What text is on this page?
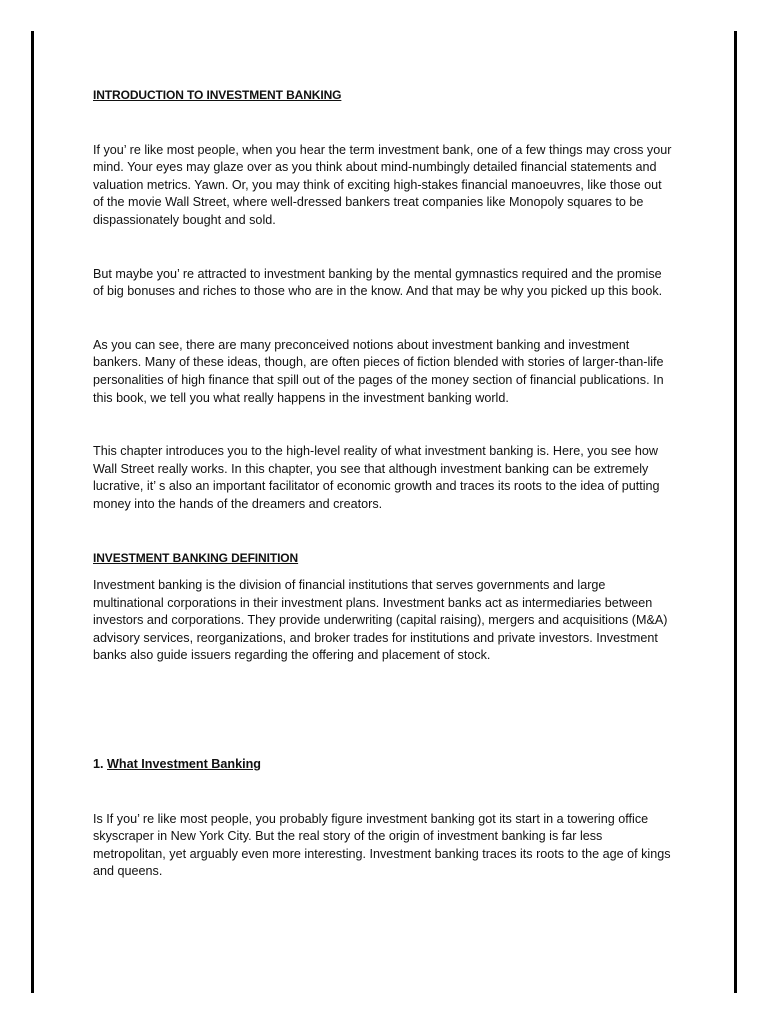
INTRODUCTION TO INVESTMENT BANKING

If you’ re like most people, when you hear the term investment bank, one of a few things may cross your mind. Your eyes may glaze over as you think about mind-numbingly detailed financial statements and valuation metrics. Yawn. Or, you may think of exciting high-stakes financial manoeuvres, like those out of the movie Wall Street, where well-dressed bankers treat companies like Monopoly squares to be dispassionately bought and sold.

But maybe you’ re attracted to investment banking by the mental gymnastics required and the promise of big bonuses and riches to those who are in the know. And that may be why you picked up this book.

As you can see, there are many preconceived notions about investment banking and investment bankers. Many of these ideas, though, are often pieces of fiction blended with stories of larger-than-life personalities of high finance that spill out of the pages of the money section of financial publications. In this book, we tell you what really happens in the investment banking world.

This chapter introduces you to the high-level reality of what investment banking is. Here, you see how Wall Street really works. In this chapter, you see that although investment banking can be extremely lucrative, it’ s also an important facilitator of economic growth and traces its roots to the idea of putting money into the hands of the dreamers and creators.

INVESTMENT BANKING DEFINITION

Investment banking is the division of financial institutions that serves governments and large multinational corporations in their investment plans. Investment banks act as intermediaries between investors and corporations. They provide underwriting (capital raising), mergers and acquisitions (M&A) advisory services, reorganizations, and broker trades for institutions and private investors. Investment banks also guide issuers regarding the offering and placement of stock.

1. What Investment Banking

Is If you’ re like most people, you probably figure investment banking got its start in a towering office skyscraper in New York City. But the real story of the origin of investment banking is far less metropolitan, yet arguably even more interesting. Investment banking traces its roots to the age of kings and queens.
